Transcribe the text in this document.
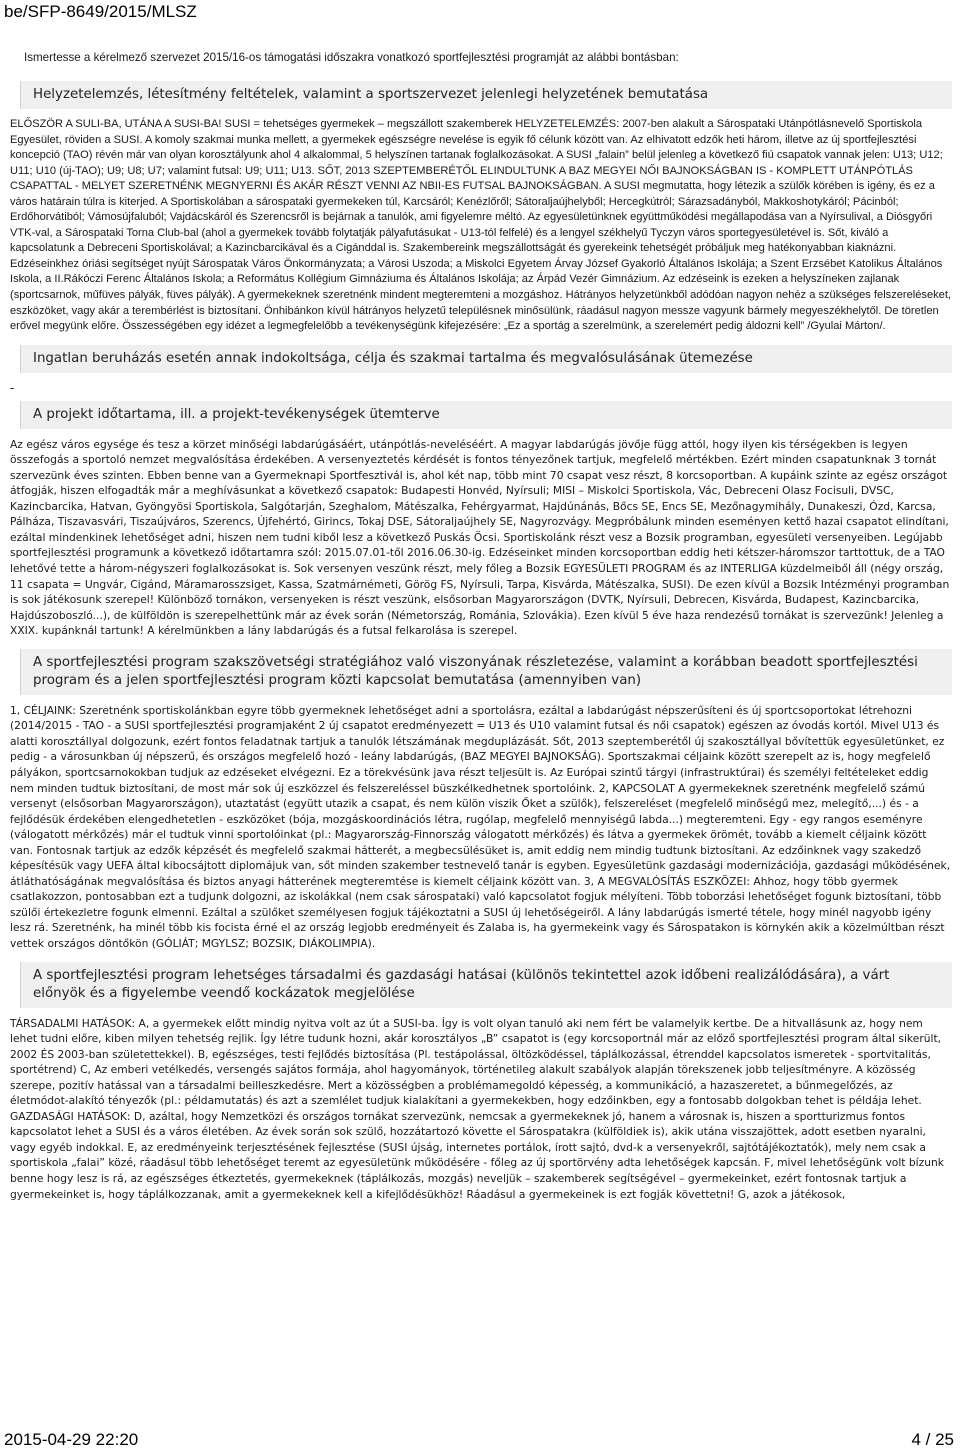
be/SFP-8649/2015/MLSZ
Ismertesse a kérelmező szervezet 2015/16-os támogatási időszakra vonatkozó sportfejlesztési programját az alábbi bontásban:
Helyzetelemzés, létesítmény feltételek, valamint a sportszervezet jelenlegi helyzetének bemutatása
ELŐSZÖR A SULI-BA, UTÁNA A SUSI-BA! SUSI = tehetséges gyermekek – megszállott szakemberek HELYZETELEMZÉS: 2007-ben alakult a Sárospataki Utánpótlásnevelő Sportiskola Egyesület, röviden a SUSI. A komoly szakmai munka mellett, a gyermekek egészségre nevelése is egyik fő célunk között van. Az elhivatott edzők heti három, illetve az új sportfejlesztési koncepció (TAO) révén már van olyan korosztályunk ahol 4 alkalommal, 5 helyszínen tartanak foglalkozásokat. A SUSI „falain” belül jelenleg a következő fiú csapatok vannak jelen: U13; U12; U11; U10 (új-TAO); U9; U8; U7; valamint futsal: U9; U11; U13. SŐT, 2013 SZEPTEMBERÉTŐL ELINDULTUNK A BAZ MEGYEI NŐI BAJNOKSÁGBAN IS - KOMPLETT UTÁNPÓTLÁS CSAPATTAL - MELYET SZERETNÉNK MEGNYERNI ÉS AKÁR RÉSZT VENNI AZ NBII-ES FUTSAL BAJNOKSÁGBAN. A SUSI megmutatta, hogy létezik a szülők körében is igény, és ez a város határain túlra is kiterjed. A Sportiskolában a sárospataki gyermekeken túl, Karcsáról; Kenézlőről; Sátoraljaújhelyből; Hercegkútról; Sárazsadányból, Makkoshotykáról; Pácinból; Erdőhorvátiból; Vámosújfaluból; Vajdácskáról és Szerencsről is bejárnak a tanulók, ami figyelemre méltó. Az egyesületünknek együttműködési megállapodása van a Nyírsulival, a Diósgyőri VTK-val, a Sárospataki Torna Club-bal (ahol a gyermekek tovább folytatják pályafutásukat - U13-tól felfelé) és a lengyel székhelyű Tyczyn város sportegyesületével is. Sőt, kiváló a kapcsolatunk a Debreceni Sportiskolával; a Kazincbarcikával és a Cigánddal is. Szakembereink megszállottságát és gyerekeink tehetségét próbáljuk meg hatékonyabban kiaknázni. Edzéseinkhez óriási segítséget nyújt Sárospatak Város Önkormányzata; a Városi Uszoda; a Miskolci Egyetem Árvay József Gyakorló Általános Iskolája; a Szent Erzsébet Katolikus Általános Iskola, a II.Rákóczi Ferenc Általános Iskola; a Református Kollégium Gimnáziuma és Általános Iskolája; az Árpád Vezér Gimnázium. Az edzéseink is ezeken a helyszíneken zajlanak (sportcsarnok, műfüves pályák, füves pályák). A gyermekeknek szeretnénk mindent megteremteni a mozgáshoz. Hátrányos helyzetünkből adódóan nagyon nehéz a szükséges felszereléseket, eszközöket, vagy akár a terembérlést is biztosítani. Önhibánkon kívül hátrányos helyzetű településnek minősülünk, ráadásul nagyon messze vagyunk bármely megyeszékhelytől. De töretlen erővel megyünk előre. Összességében egy idézet a legmegfelelőbb a tevékenységünk kifejezésére: „Ez a sportág a szerelmünk, a szerelemért pedig áldozni kell” /Gyulai Márton/.
Ingatlan beruházás esetén annak indokoltsága, célja és szakmai tartalma és megvalósulásának ütemezése
-
A projekt időtartama, ill. a projekt-tevékenységek ütemterve
Az egész város egysége és tesz a körzet minőségi labdarúgásáért, utánpótlás-neveléséért. A magyar labdarúgás jövője függ attól, hogy ilyen kis térségekben is legyen összefogás a sportoló nemzet megvalósítása érdekében. A versenyeztetés kérdését is fontos tényezőnek tartjuk, megfelelő mértékben. Ezért minden csapatunknak 3 tornát szervezünk éves szinten. Ebben benne van a Gyermeknapi Sportfesztivál is, ahol két nap, több mint 70 csapat vesz részt, 8 korcsoportban. A kupáink szinte az egész országot átfogják, hiszen elfogadták már a meghívásunkat a következő csapatok: Budapesti Honvéd, Nyírsuli; MISI – Miskolci Sportiskola, Vác, Debreceni Olasz Focisuli, DVSC, Kazincbarcika, Hatvan, Gyöngyösi Sportiskola, Salgótarján, Szeghalom, Mátészalka, Fehérgyarmat, Hajdúnánás, Bőcs SE, Encs SE, Mezőnagymihály, Dunakeszi, Ózd, Karcsa, Pálháza, Tiszavasvári, Tiszaújváros, Szerencs, Újfehértó, Girincs, Tokaj DSE, Sátoraljaújhely SE, Nagyrozvágy. Megpróbálunk minden eseményen kettő hazai csapatot elindítani, ezáltal mindenkinek lehetőséget adni, hiszen nem tudni kiből lesz a következő Puskás Öcsi. Sportiskolánk részt vesz a Bozsik programban, egyesületi versenyeiben. Legújabb sportfejlesztési programunk a következő időtartamra szól: 2015.07.01-től 2016.06.30-ig. Edzéseinket minden korcsoportban eddig heti kétszer-háromszor tarttottuk, de a TAO lehetővé tette a három-négyszeri foglalkozásokat is. Sok versenyen veszünk részt, mely főleg a Bozsik EGYESÜLETI PROGRAM és az INTERLIGA küzdelmeiből áll (négy ország, 11 csapata = Ungvár, Cigánd, Máramarosszsiget, Kassa, Szatmárnémeti, Görög FS, Nyírsuli, Tarpa, Kisvárda, Mátészalka, SUSI). De ezen kívül a Bozsik Intézményi programban is sok játékosunk szerepel! Különböző tornákon, versenyeken is részt veszünk, elsősorban Magyarországon (DVTK, Nyírsuli, Debrecen, Kisvárda, Budapest, Kazincbarcika, Hajdúszoboszló...), de külföldön is szerepelhettünk már az évek során (Németország, Románia, Szlovákia). Ezen kívül 5 éve haza rendezésű tornákat is szervezünk! Jelenleg a XXIX. kupánknál tartunk! A kérelmünkben a lány labdarúgás és a futsal felkarolása is szerepel.
A sportfejlesztési program szakszövetségi stratégiához való viszonyának részletezése, valamint a korábban beadott sportfejlesztési program és a jelen sportfejlesztési program közti kapcsolat bemutatása (amennyiben van)
1, CÉLJAINK: Szeretnénk sportiskolánkban egyre több gyermeknek lehetőséget adni a sportolásra, ezáltal a labdarúgást népszerűsíteni és új sportcsoportokat létrehozni (2014/2015 - TAO - a SUSI sportfejlesztési programjaként 2 új csapatot eredményezett = U13 és U10 valamint futsal és női csapatok) egészen az óvodás kortól. Mivel U13 és alatti korosztállyal dolgozunk, ezért fontos feladatnak tartjuk a tanulók létszámának megduplázását. Sőt, 2013 szeptemberétől új szakosztállyal bővítettük egyesületünket, ez pedig - a városunkban új népszerű, és országos megfelelő hozó - leány labdarúgás, (BAZ MEGYEI BAJNOKSÁG). Sportszakmai céljaink között szerepelt az is, hogy megfelelő pályákon, sportcsarnokokban tudjuk az edzéseket elvégezni. Ez a törekvésünk java részt teljesült is. Az Európai szintű tárgyi (infrastruktúrai) és személyi feltételeket eddig nem minden tudtuk biztosítani, de most már sok új eszközzel és felszereléssel büszkélkedhetnek sportolóink. 2, KAPCSOLAT A gyermekeknek szeretnénk megfelelő számú versenyt (elsősorban Magyarországon), utaztatást (együtt utazik a csapat, és nem külön viszik Őket a szülők), felszereléset (megfelelő minőségű mez, melegítő,...) és - a fejlődésük érdekében elengedhetetlen - eszközöket (bója, mozgáskoordinációs létra, rugólap, megfelelő mennyiségű labda...) megteremteni. Egy - egy rangos eseményre (válogatott mérkőzés) már el tudtuk vinni sportolóinkat (pl.: Magyarország-Finnország válogatott mérkőzés) és látva a gyermekek örömét, tovább a kiemelt céljaink között van. Fontosnak tartjuk az edzők képzését és megfelelő szakmai hátterét, a megbecsülésüket is, amit eddig nem mindig tudtunk biztosítani. Az edzőinknek vagy szakedző képesítésük vagy UEFA által kibocsájtott diplomájuk van, sőt minden szakember testnevelő tanár is egyben. Egyesületünk gazdasági modernizációja, gazdasági működésének, átláthatóságának megvalósítása és biztos anyagi hátterének megteremtése is kiemelt céljaink között van. 3, A MEGVALÓSÍTÁS ESZKÖZEI: Ahhoz, hogy több gyermek csatlakozzon, pontosabban ezt a tudjunk dolgozni, az iskolákkal (nem csak sárospataki) való kapcsolatot fogjuk mélyíteni. Több toborzási lehetőséget fogunk biztosítani, több szülői értekezletre fogunk elmenni. Ezáltal a szülőket személyesen fogjuk tájékoztatni a SUSI új lehetőségeiről. A lány labdarúgás ismerté tétele, hogy minél nagyobb igény lesz rá. Szeretnénk, ha minél több kis focista érné el az ország legjobb eredményeit és Zalaba is, ha gyermekeink vagy és Sárospatakon is környkén akik a közelmúltban részt vettek országos döntőkön (GÓLIÁT; MGYLSZ; BOZSIK, DIÁKOLIMPIA).
A sportfejlesztési program lehetséges társadalmi és gazdasági hatásai (különös tekintettel azok időbeni realizálódására), a várt előnyök és a figyelembe veendő kockázatok megjelölése
TÁRSADALMI HATÁSOK: A, a gyermekek előtt mindig nyitva volt az út a SUSI-ba. Így is volt olyan tanuló aki nem fért be valamelyik kertbe. De a hitvallásunk az, hogy nem lehet tudni előre, kiben milyen tehetség rejlik. Így létre tudunk hozni, akár korosztályos „B” csapatot is (egy korcsoportnál már az előző sportfejlesztési program által sikerült, 2002 ÉS 2003-ban születettekkel). B, egészséges, testi fejlődés biztosítása (Pl. testápolással, öltözködéssel, táplálkozással, étrenddel kapcsolatos ismeretek - sportvitalitás, sportétrend) C, Az emberi vetélkedés, versengés sajátos formája, ahol hagyományok, történetileg alakult szabályok alapján törekszenek jobb teljesítményre. A közösség szerepe, pozitív hatással van a társadalmi beilleszkedésre. Mert a közösségben a problémamegoldó képesség, a kommunikáció, a hazaszeretet, a bűnmegelőzés, az életmódot-alakító tényezők (pl.: példamutatás) és azt a szemlélet tudjuk kialakítani a gyermekekben, hogy edzőinkben, egy a fontosabb dolgokban tehet is példája lehet. GAZDASÁGI HATÁSOK: D, azáltal, hogy Nemzetközi és országos tornákat szervezünk, nemcsak a gyermekeknek jó, hanem a városnak is, hiszen a sportturizmus fontos kapcsolatot lehet a SUSI és a város életében. Az évek során sok szülő, hozzátartozó követte el Sárospatakra (külföldiek is), akik utána visszajöttek, adott esetben nyaralni, vagy egyéb indokkal. E, az eredményeink terjesztésének fejlesztése (SUSI újság, internetes portálok, írott sajtó, dvd-k a versenyekről, sajtótájékoztatók), mely nem csak a sportiskola „falai” közé, ráadásul több lehetőséget teremt az egyesületünk működésére - főleg az új sportörvény adta lehetőségek kapcsán. F, mivel lehetőségünk volt bízunk benne hogy lesz is rá, az egészséges étkeztetés, gyermekeknek (táplálkozás, mozgás) neveljük – szakemberek segítségével – gyermekeinket, ezért fontosnak tartjuk a gyermekeinket is, hogy táplálkozzanak, amit a gyermekeknek kell a kifejlődésükhöz! Ráadásul a gyermekeinek is ezt fogják követtetni! G, azok a játékosok,
2015-04-29 22:20	4 / 25
